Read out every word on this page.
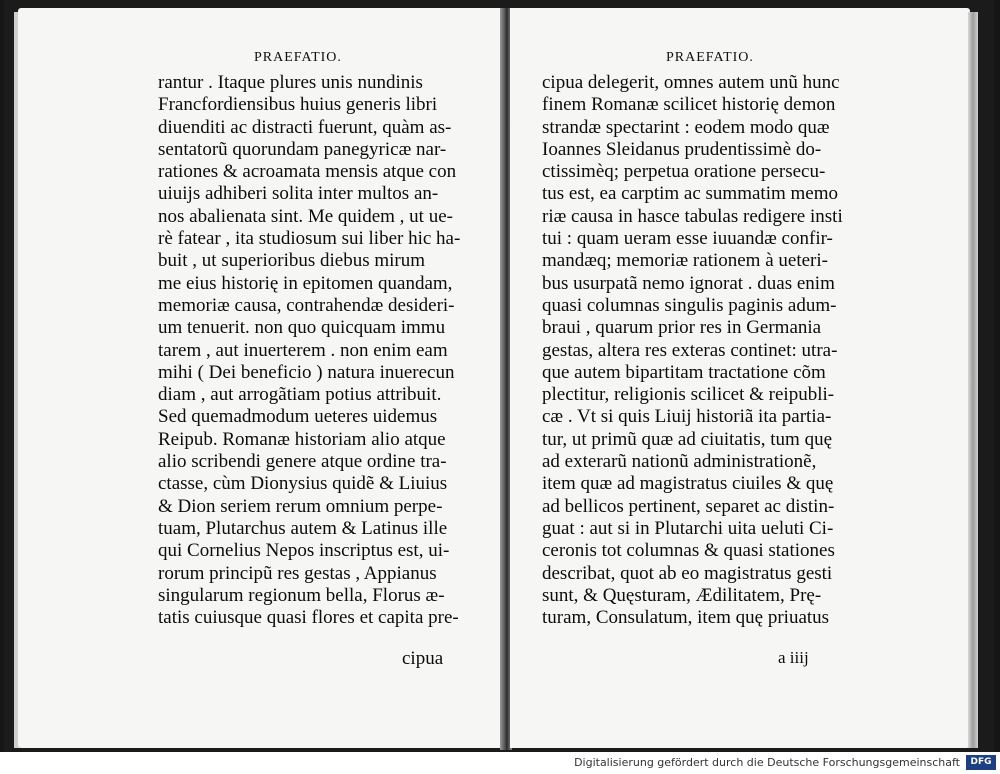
PRAEFATIO.
rantur . Itaque plures unis nundinis
Francfordiensibus huius generis libri
diuenditi ac distracti fuerunt, quàm as-
sentatorũ quorundam panegyricæ nar-
rationes & acroamata mensis atque con
uiuijs adhiberi solita inter multos an-
nos abalienata sint. Me quidem , ut ue-
rè fatear , ita studiosum sui liber hic ha-
buit , ut superioribus diebus mirum
me eius historię in epitomen quandam,
memoriæ causa, contrahendæ desideri-
um tenuerit. non quo quicquam immu
tarem , aut inuerterem . non enim eam
mihi ( Dei beneficio ) natura inuerecun
diam , aut arrogãtiam potius attribuit.
Sed quemadmodum ueteres uidemus
Reipub. Romanæ historiam alio atque
alio scribendi genere atque ordine tra-
ctasse, cùm Dionysius quidẽ & Liuius
& Dion seriem rerum omnium perpe-
tuam, Plutarchus autem & Latinus ille
qui Cornelius Nepos inscriptus est, ui-
rorum principũ res gestas , Appianus
singularum regionum bella, Florus æ-
tatis cuiusque quasi flores et capita pre-
cipua
PRAEFATIO.
cipua delegerit, omnes autem unũ hunc
finem Romanæ scilicet historię demon
strandæ spectarint : eodem modo quæ
Ioannes Sleidanus prudentissimè do-
ctissimèq; perpetua oratione persecu-
tus est, ea carptim ac summatim memo
riæ causa in hasce tabulas redigere insti
tui : quam ueram esse iuuandæ confir-
mandæq; memoriæ rationem à ueteri-
bus usurpatã nemo ignorat . duas enim
quasi columnas singulis paginis adum-
braui , quarum prior res in Germania
gestas, altera res exteras continet: utra-
que autem bipartitam tractatione cõm
plectitur, religionis scilicet & reipubli-
cæ . Vt si quis Liuij historiã ita partia-
tur, ut primũ quæ ad ciuitatis, tum quę
ad exterarũ nationũ administrationẽ,
item quæ ad magistratus ciuiles & quę
ad bellicos pertinent, separet ac distin-
guat : aut si in Plutarchi uita ueluti Ci-
ceronis tot columnas & quasi stationes
describat, quot ab eo magistratus gesti
sunt, & Quęsturam, Ædilitatem, Prę-
turam, Consulatum, item quę priuatus
a iiij
Digitalisierung gefördert durch die Deutsche Forschungsgemeinschaft	DFG
